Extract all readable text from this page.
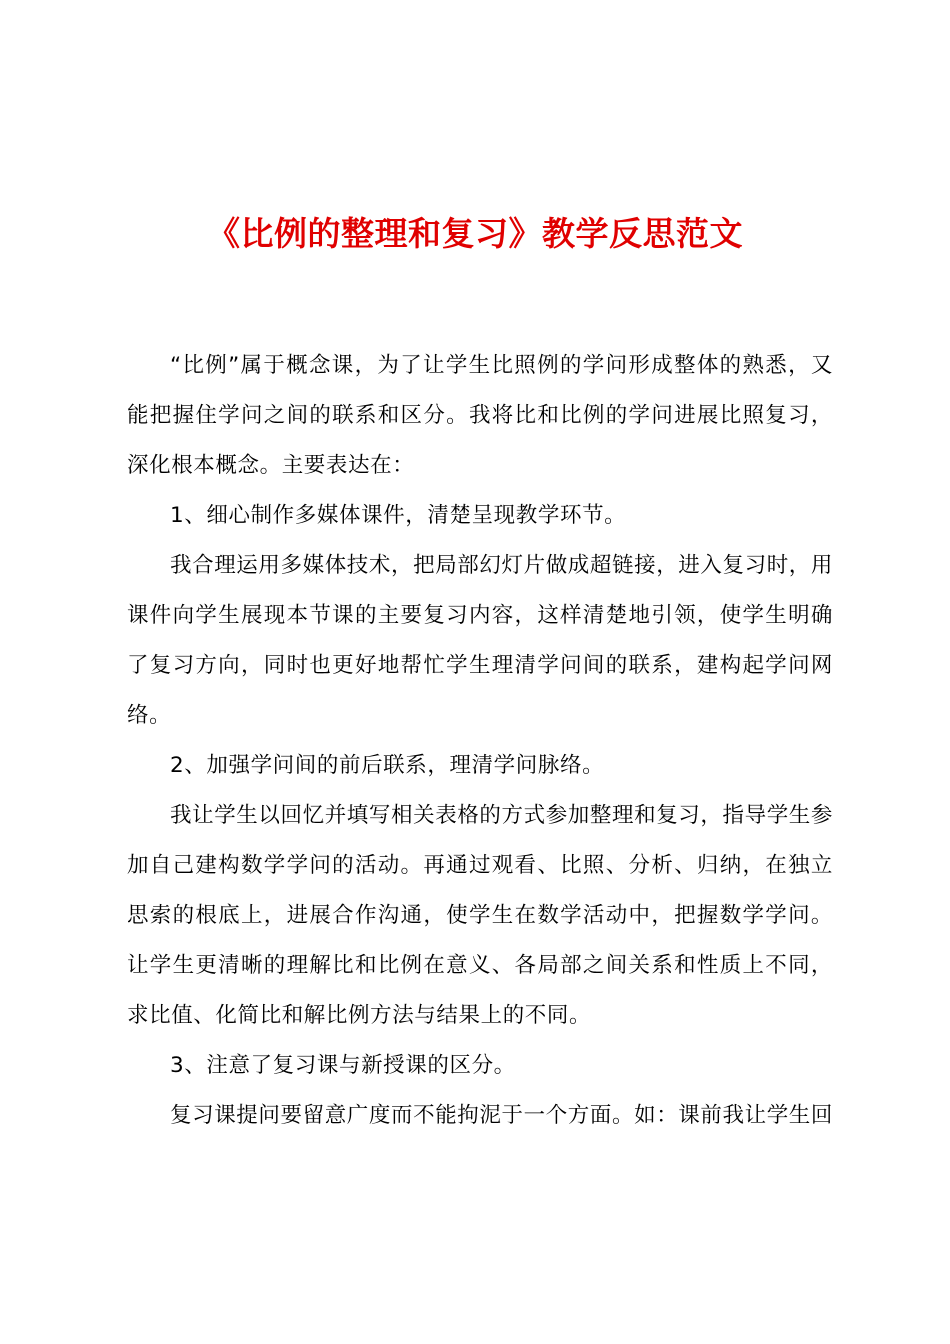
《比例的整理和复习》教学反思范文

“比例”属于概念课，为了让学生比照例的学问形成整体的熟悉，又能把握住学问之间的联系和区分。我将比和比例的学问进展比照复习，深化根本概念。主要表达在：

1、细心制作多媒体课件，清楚呈现教学环节。

我合理运用多媒体技术，把局部幻灯片做成超链接，进入复习时，用课件向学生展现本节课的主要复习内容，这样清楚地引领，使学生明确了复习方向，同时也更好地帮忙学生理清学问间的联系，建构起学问网络。

2、加强学问间的前后联系，理清学问脉络。

我让学生以回忆并填写相关表格的方式参加整理和复习，指导学生参加自己建构数学学问的活动。再通过观看、比照、分析、归纳，在独立思索的根底上，进展合作沟通，使学生在数学活动中，把握数学学问。让学生更清晰的理解比和比例在意义、各局部之间关系和性质上不同，求比值、化简比和解比例方法与结果上的不同。

3、注意了复习课与新授课的区分。

复习课提问要留意广度而不能拘泥于一个方面。如：课前我让学生回
